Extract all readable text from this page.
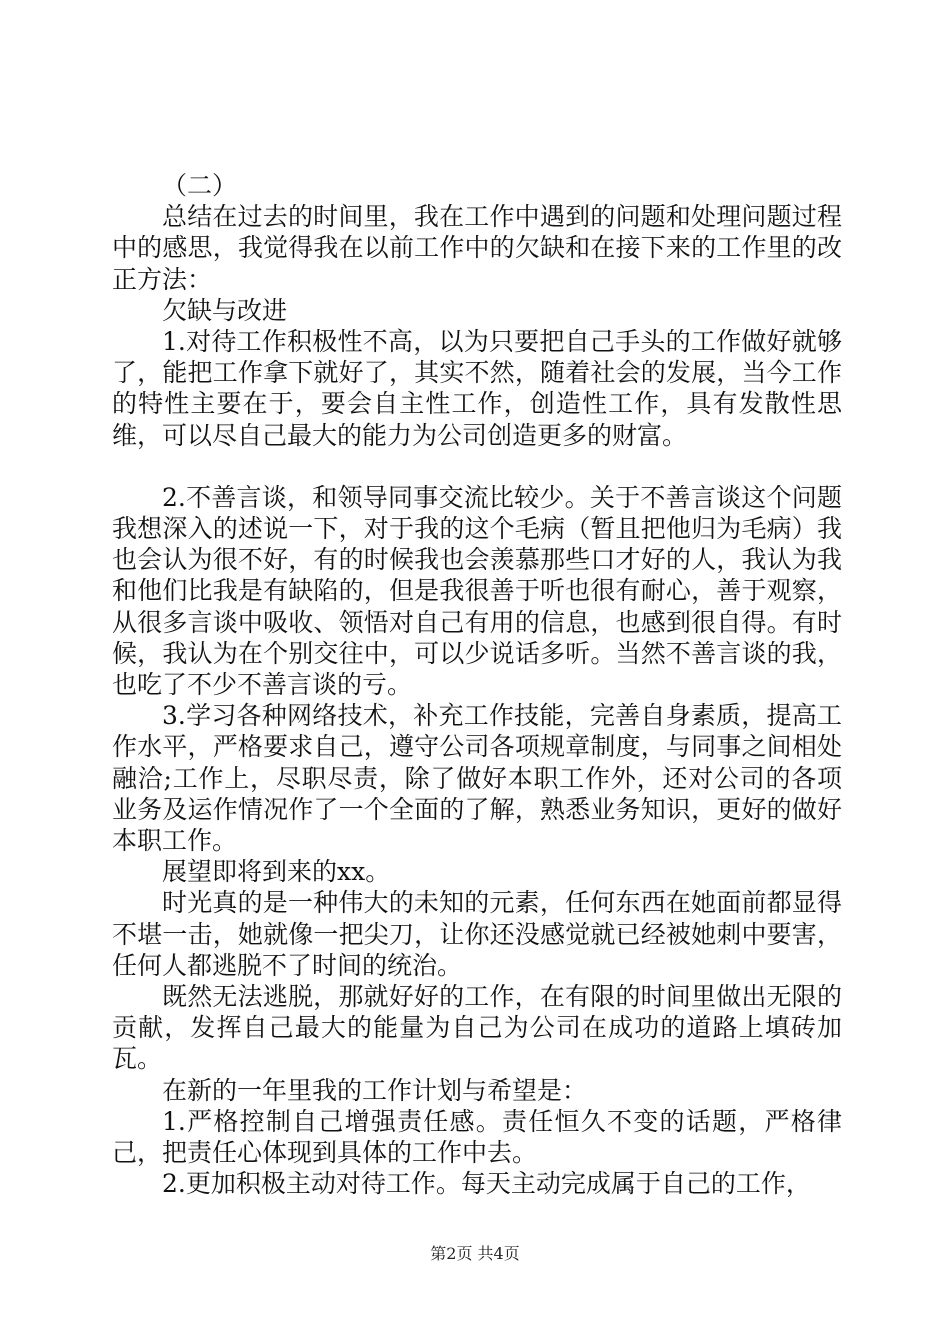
（二）

总结在过去的时间里，我在工作中遇到的问题和处理问题过程中的感思，我觉得我在以前工作中的欠缺和在接下来的工作里的改正方法：

欠缺与改进

1.对待工作积极性不高，以为只要把自己手头的工作做好就够了，能把工作拿下就好了，其实不然，随着社会的发展，当今工作的特性主要在于，要会自主性工作，创造性工作，具有发散性思维，可以尽自己最大的能力为公司创造更多的财富。

2.不善言谈，和领导同事交流比较少。关于不善言谈这个问题我想深入的述说一下，对于我的这个毛病（暂且把他归为毛病）我也会认为很不好，有的时候我也会羡慕那些口才好的人，我认为我和他们比我是有缺陷的，但是我很善于听也很有耐心，善于观察，从很多言谈中吸收、领悟对自己有用的信息，也感到很自得。有时候，我认为在个别交往中，可以少说话多听。当然不善言谈的我，也吃了不少不善言谈的亏。

3.学习各种网络技术，补充工作技能，完善自身素质，提高工作水平，严格要求自己，遵守公司各项规章制度，与同事之间相处融洽;工作上，尽职尽责，除了做好本职工作外，还对公司的各项业务及运作情况作了一个全面的了解，熟悉业务知识，更好的做好本职工作。

展望即将到来的xx。

时光真的是一种伟大的未知的元素，任何东西在她面前都显得不堪一击，她就像一把尖刀，让你还没感觉就已经被她刺中要害，任何人都逃脱不了时间的统治。

既然无法逃脱，那就好好的工作，在有限的时间里做出无限的贡献，发挥自己最大的能量为自己为公司在成功的道路上填砖加瓦。

在新的一年里我的工作计划与希望是：

1.严格控制自己增强责任感。责任恒久不变的话题，严格律己，把责任心体现到具体的工作中去。

2.更加积极主动对待工作。每天主动完成属于自己的工作，

第2页 共4页
